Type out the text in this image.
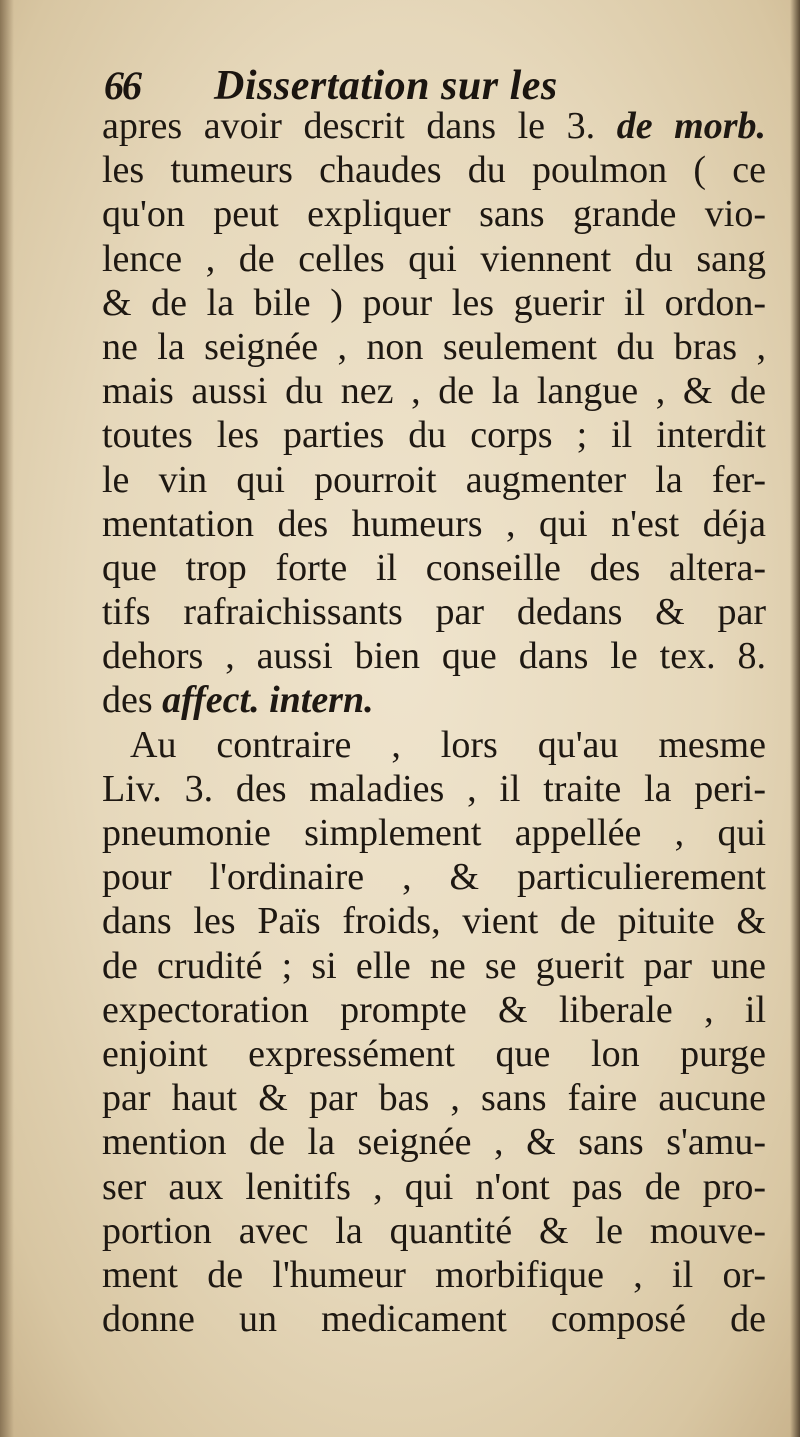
66	Dissertation sur les
apres avoir descrit dans le 3. de morb.
les tumeurs chaudes du poulmon ( ce
qu'on peut expliquer sans grande vio-
lence , de celles qui viennent du sang
& de la bile ) pour les guerir il ordon-
ne la seignée , non seulement du bras ,
mais aussi du nez , de la langue , & de
toutes les parties du corps ; il interdit
le vin qui pourroit augmenter la fer-
mentation des humeurs , qui n'est déja
que trop forte il conseille des altera-
tifs rafraichissants par dedans & par
dehors , aussi bien que dans le tex. 8.
des affect. intern.
Au contraire , lors qu'au mesme
Liv. 3. des maladies , il traite la peri-
pneumonie simplement appellée , qui
pour l'ordinaire , & particulierement
dans les Païs froids, vient de pituite &
de crudité ; si elle ne se guerit par une
expectoration prompte & liberale , il
enjoint expressément que lon purge
par haut & par bas , sans faire aucune
mention de la seignée , & sans s'amu-
ser aux lenitifs , qui n'ont pas de pro-
portion avec la quantité & le mouve-
ment de l'humeur morbifique , il or-
donne un medicament composé de
